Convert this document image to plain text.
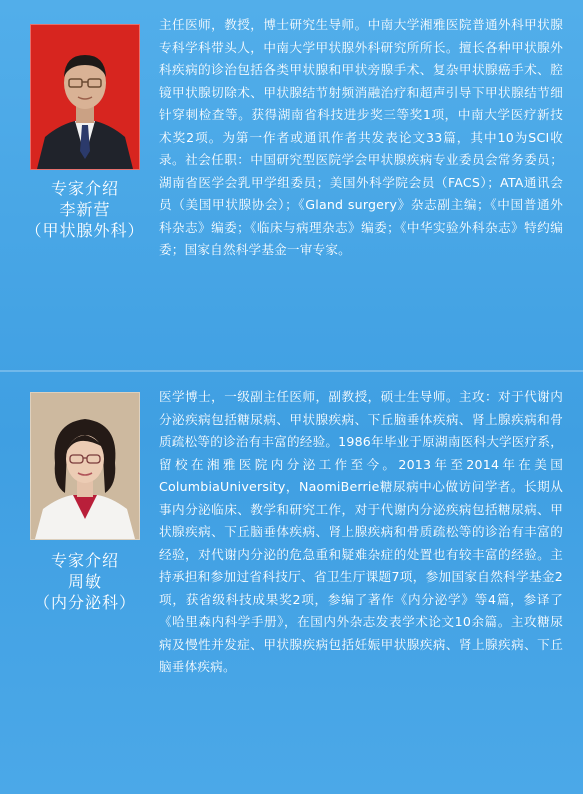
专家介绍
李新营
（甲状腺外科）

主任医师，教授，博士研究生导师。中南大学湘雅医院普通外科甲状腺专科学科带头人，中南大学甲状腺外科研究所所长。擅长各种甲状腺外科疾病的诊治包括各类甲状腺和甲状旁腺手术、复杂甲状腺癌手术、腔镜甲状腺切除术、甲状腺结节射频消融治疗和超声引导下甲状腺结节细针穿刺检查等。获得湖南省科技进步奖三等奖1项，中南大学医疗新技术奖2项。为第一作者或通讯作者共发表论文33篇，其中10为SCI收录。社会任职：中国研究型医院学会甲状腺疾病专业委员会常务委员；湖南省医学会乳甲学组委员；美国外科学院会员（FACS）；ATA通讯会员（美国甲状腺协会）；《Gland surgery》杂志副主编；《中国普通外科杂志》编委；《临床与病理杂志》编委；《中华实验外科杂志》特约编委；国家自然科学基金一审专家。

专家介绍
周敏
（内分泌科）

医学博士，一级副主任医师，副教授，硕士生导师。主攻：对于代谢内分泌疾病包括糖尿病、甲状腺疾病、下丘脑垂体疾病、肾上腺疾病和骨质疏松等的诊治有丰富的经验。1986年毕业于原湖南医科大学医疗系，留校在湘雅医院内分泌工作至今。2013年至2014年在美国ColumbiaUniversity，NaomiBerrie糖尿病中心做访问学者。长期从事内分泌临床、教学和研究工作，对于代谢内分泌疾病包括糖尿病、甲状腺疾病、下丘脑垂体疾病、肾上腺疾病和骨质疏松等的诊治有丰富的经验，对代谢内分泌的危急重和疑难杂症的处置也有较丰富的经验。主持承担和参加过省科技厅、省卫生厅课题7项，参加国家自然科学基金2项，获省级科技成果奖2项，参编了著作《内分泌学》等4篇，参译了《哈里森内科学手册》，在国内外杂志发表学术论文10余篇。主攻糖尿病及慢性并发症、甲状腺疾病包括妊娠甲状腺疾病、肾上腺疾病、下丘脑垂体疾病。
